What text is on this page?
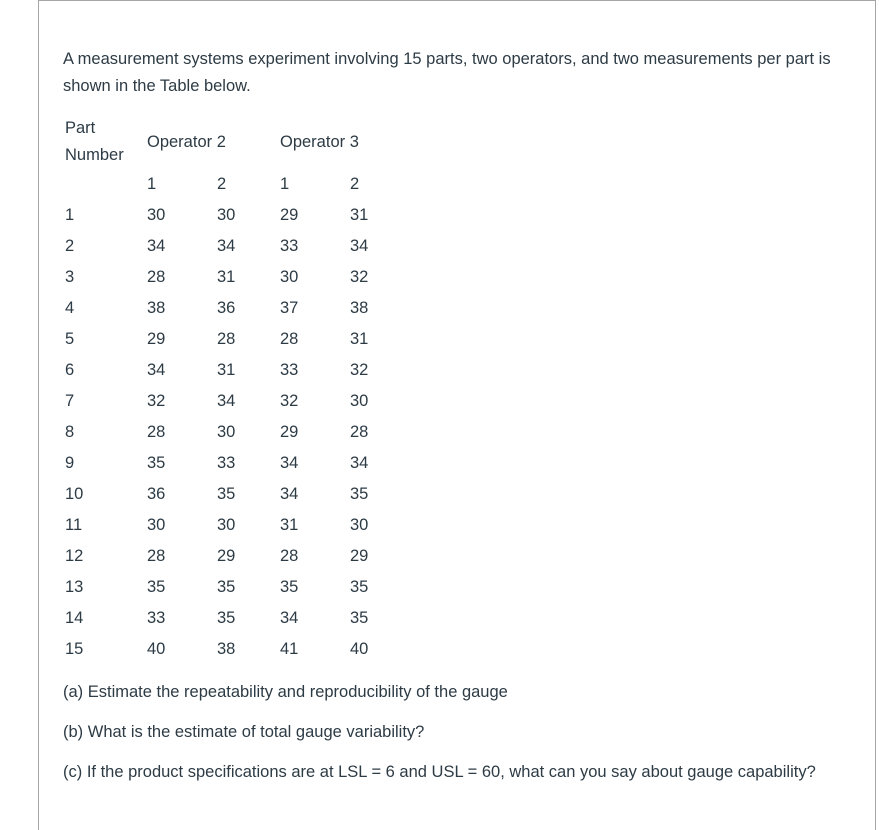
A measurement systems experiment involving 15 parts, two operators, and two measurements per part is shown in the Table below.

Part
Number	Operator 2		Operator 3	
	1	2	1	2
1	30	30	29	31
2	34	34	33	34
3	28	31	30	32
4	38	36	37	38
5	29	28	28	31
6	34	31	33	32
7	32	34	32	30
8	28	30	29	28
9	35	33	34	34
10	36	35	34	35
11	30	30	31	30
12	28	29	28	29
13	35	35	35	35
14	33	35	34	35
15	40	38	41	40

(a) Estimate the repeatability and reproducibility of the gauge

(b) What is the estimate of total gauge variability?

(c) If the product specifications are at LSL = 6 and USL = 60, what can you say about gauge capability?
